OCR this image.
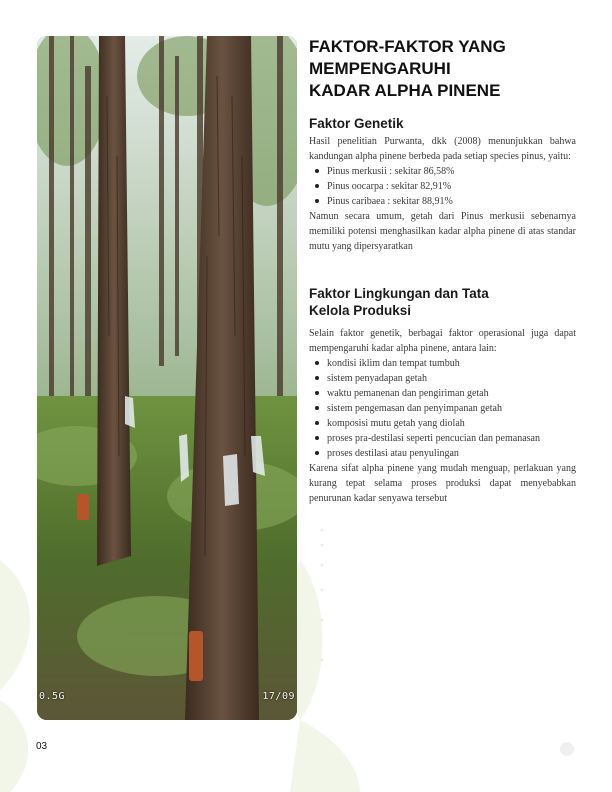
0.5G	17/09
FAKTOR-FAKTOR YANG
MEMPENGARUHI
KADAR ALPHA PINENE
Faktor Genetik

Hasil penelitian Purwanta, dkk (2008) menunjukkan bahwa kandungan alpha pinene berbeda pada setiap species pinus, yaitu:

Pinus merkusii : sekitar 86,58%
Pinus oocarpa : sekitar 82,91%
Pinus caribaea : sekitar 88,91%

Namun secara umum, getah dari Pinus merkusii sebenarnya memiliki potensi menghasilkan kadar alpha pinene di atas standar mutu yang dipersyaratkan

Faktor Lingkungan dan Tata
Kelola Produksi

Selain faktor genetik, berbagai faktor operasional juga dapat mempengaruhi kadar alpha pinene, antara lain:

kondisi iklim dan tempat tumbuh
sistem penyadapan getah
waktu pemanenan dan pengiriman getah
sistem pengemasan dan penyimpanan getah
komposisi mutu getah yang diolah
proses pra-destilasi seperti pencucian dan pemanasan
proses destilasi atau penyulingan

Karena sifat alpha pinene yang mudah menguap, perlakuan yang kurang tepat selama proses produksi dapat menyebabkan penurunan kadar senyawa tersebut

03
